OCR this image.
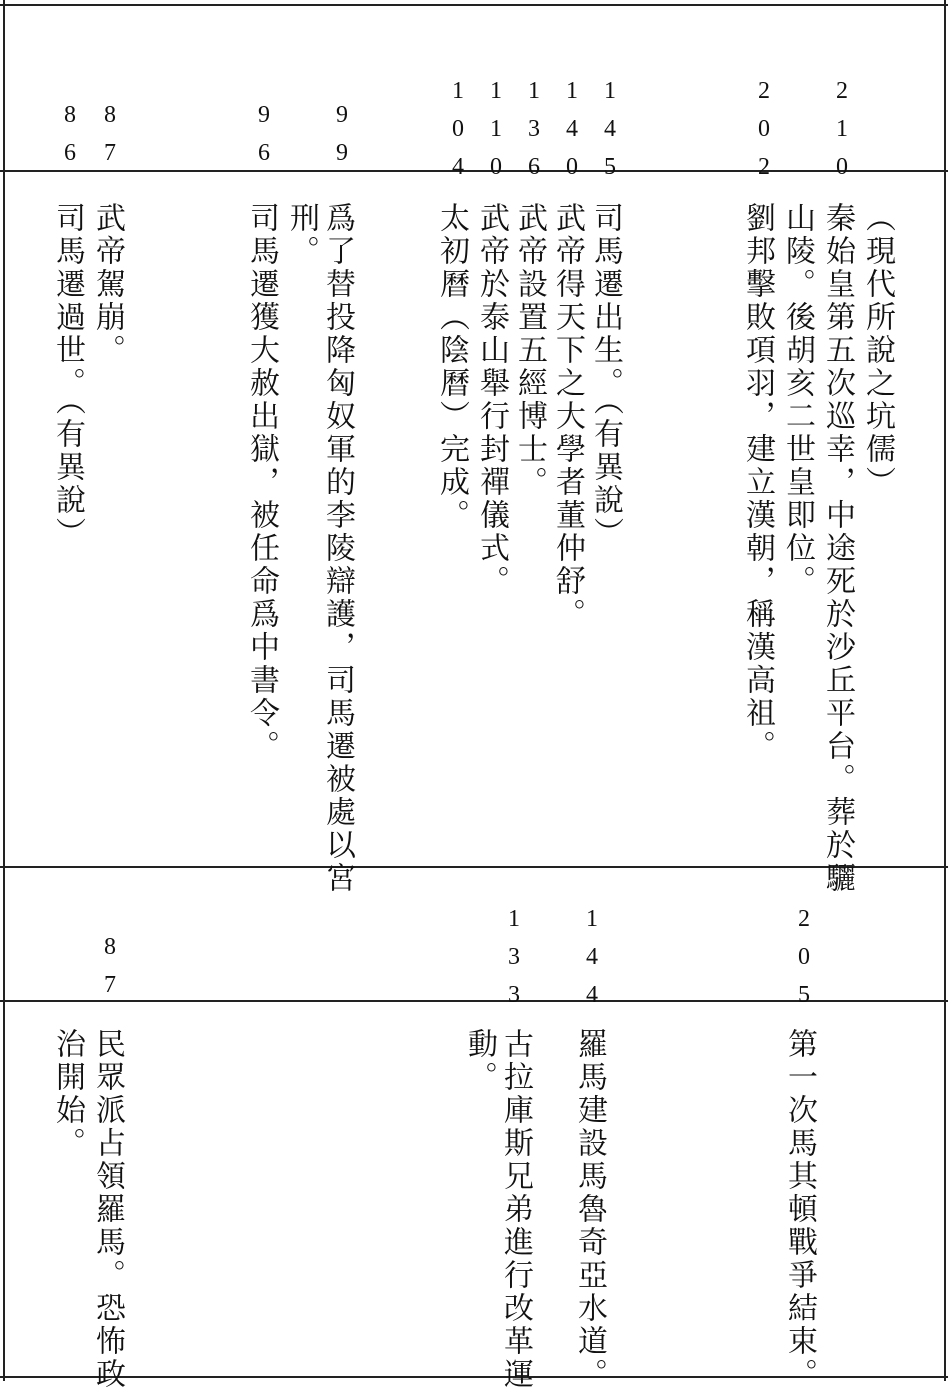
210
202
145
140
136
110
104
99
96
87
86
（現代所說之坑儒）
秦始皇第五次巡幸，中途死於沙丘平台。葬於驪
山陵。後胡亥二世皇即位。
劉邦擊敗項羽，建立漢朝，稱漢高祖。
司馬遷出生。（有異說）
武帝得天下之大學者董仲舒。
武帝設置五經博士。
武帝於泰山舉行封禪儀式。
太初曆（陰曆）完成。
爲了替投降匈奴軍的李陵辯護，司馬遷被處以宮
刑。
司馬遷獲大赦出獄，被任命爲中書令。
武帝駕崩。
司馬遷過世。（有異說）
205
144
133
87
第一次馬其頓戰爭結束。
羅馬建設馬魯奇亞水道。
古拉庫斯兄弟進行改革運
動。
民眾派占領羅馬。恐怖政
治開始。
